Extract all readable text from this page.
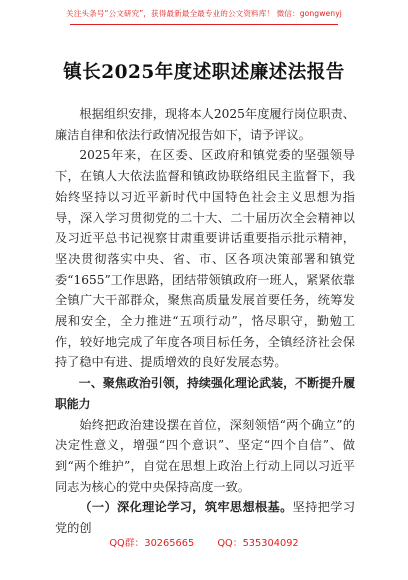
关注头条号“公文研究”，获得最新最全最专业的公文资料库！ 微信：gongwenyj
镇长2025年度述职述廉述法报告

根据组织安排，现将本人2025年度履行岗位职责、廉洁自律和依法行政情况报告如下，请予评议。

2025年来，在区委、区政府和镇党委的坚强领导下，在镇人大依法监督和镇政协联络组民主监督下，我始终坚持以习近平新时代中国特色社会主义思想为指导，深入学习贯彻党的二十大、二十届历次全会精神以及习近平总书记视察甘肃重要讲话重要指示批示精神，坚决贯彻落实中央、省、市、区各项决策部署和镇党委“1655”工作思路，团结带领镇政府一班人，紧紧依靠全镇广大干部群众，聚焦高质量发展首要任务，统筹发展和安全，全力推进“五项行动”，恪尽职守，勤勉工作，较好地完成了年度各项目标任务，全镇经济社会保持了稳中有进、提质增效的良好发展态势。

一、聚焦政治引领，持续强化理论武装，不断提升履职能力

始终把政治建设摆在首位，深刻领悟“两个确立”的决定性意义，增强“四个意识”、坚定“四个自信”、做到“两个维护”，自觉在思想上政治上行动上同以习近平同志为核心的党中央保持高度一致。

（一）深化理论学习，筑牢思想根基。坚持把学习党的创

QQ群：30265665 QQ：535304092
